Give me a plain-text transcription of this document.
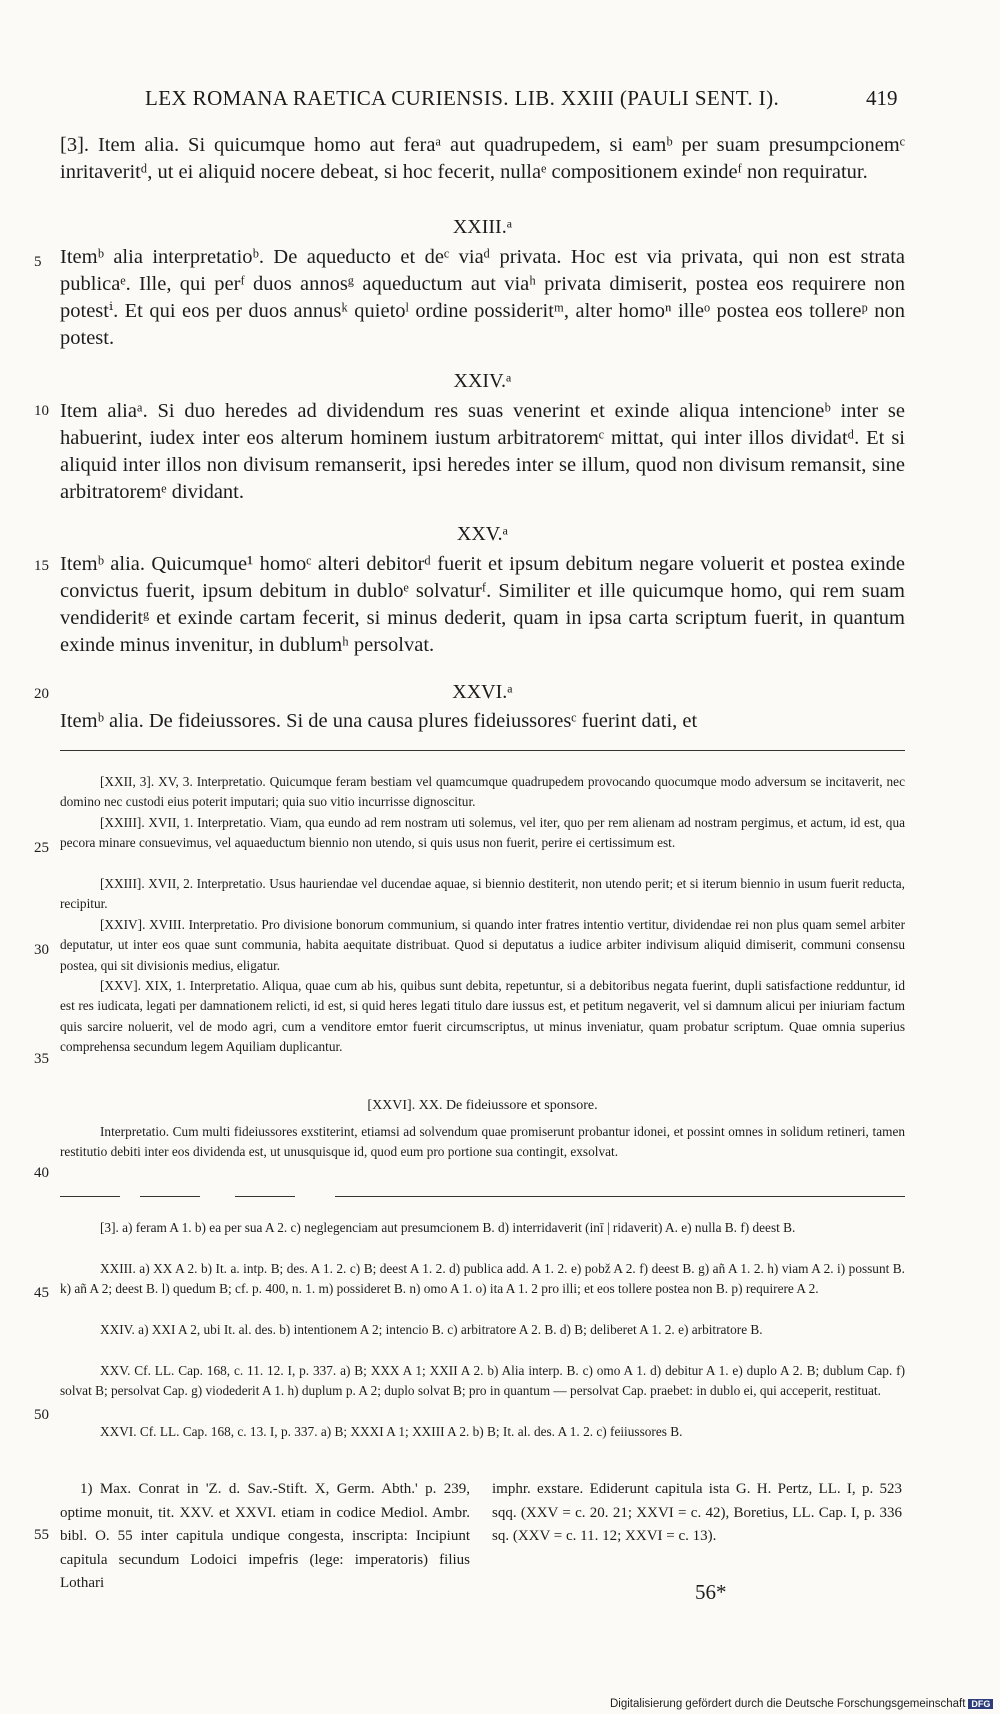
LEX ROMANA RAETICA CURIENSIS. LIB. XXIII (PAULI SENT. I).	419

[3]. Item alia. Si quicumque homo aut feraᵃ aut quadrupedem, si eamᵇ per suam presumpcionemᶜ inritaveritᵈ, ut ei aliquid nocere debeat, si hoc fecerit, nullaᵉ compositionem exindeᶠ non requiratur.

XXIII.ᵃ

Itemᵇ alia interpretatioᵇ. De aqueducto et deᶜ viaᵈ privata. Hoc est via privata, qui non est strata publicaᵉ. Ille, qui perᶠ duos annosᵍ aqueductum aut viaʰ privata dimiserit, postea eos requirere non potestⁱ. Et qui eos per duos annusᵏ quietoˡ ordine possideritᵐ, alter homoⁿ illeᵒ postea eos tollereᵖ non potest.

XXIV.ᵃ

Item aliaᵃ. Si duo heredes ad dividendum res suas venerint et exinde aliqua intencioneᵇ inter se habuerint, iudex inter eos alterum hominem iustum arbitratoremᶜ mittat, qui inter illos dividatᵈ. Et si aliquid inter illos non divisum remanserit, ipsi heredes inter se illum, quod non divisum remansit, sine arbitratoremᵉ dividant.

XXV.ᵃ

Itemᵇ alia. Quicumque¹ homoᶜ alteri debitorᵈ fuerit et ipsum debitum negare voluerit et postea exinde convictus fuerit, ipsum debitum in dubloᵉ solvaturᶠ. Similiter et ille quicumque homo, qui rem suam vendideritᵍ et exinde cartam fecerit, si minus dederit, quam in ipsa carta scriptum fuerit, in quantum exinde minus invenitur, in dublumʰ persolvat.

XXVI.ᵃ

Itemᵇ alia. De fideiussores. Si de una causa plures fideiussoresᶜ fuerint dati, et

5
10
15
20
25
30
35
40
45
50
55

[XXII, 3]. XV, 3. Interpretatio. Quicumque feram bestiam vel quamcumque quadrupedem provocando quocumque modo adversum se incitaverit, nec domino nec custodi eius poterit imputari; quia suo vitio incurrisse dignoscitur.

[XXIII]. XVII, 1. Interpretatio. Viam, qua eundo ad rem nostram uti solemus, vel iter, quo per rem alienam ad nostram pergimus, et actum, id est, qua pecora minare consuevimus, vel aquaeductum biennio non utendo, si quis usus non fuerit, perire ei certissimum est.

[XXIII]. XVII, 2. Interpretatio. Usus hauriendae vel ducendae aquae, si biennio destiterit, non utendo perit; et si iterum biennio in usum fuerit reducta, recipitur.

[XXIV]. XVIII. Interpretatio. Pro divisione bonorum communium, si quando inter fratres intentio vertitur, dividendae rei non plus quam semel arbiter deputatur, ut inter eos quae sunt communia, habita aequitate distribuat. Quod si deputatus a iudice arbiter indivisum aliquid dimiserit, communi consensu postea, qui sit divisionis medius, eligatur.

[XXV]. XIX, 1. Interpretatio. Aliqua, quae cum ab his, quibus sunt debita, repetuntur, si a debitoribus negata fuerint, dupli satisfactione redduntur, id est res iudicata, legati per damnationem relicti, id est, si quid heres legati titulo dare iussus est, et petitum negaverit, vel si damnum alicui per iniuriam factum quis sarcire noluerit, vel de modo agri, cum a venditore emtor fuerit circumscriptus, ut minus inveniatur, quam probatur scriptum. Quae omnia superius comprehensa secundum legem Aquiliam duplicantur.

[XXVI]. XX. De fideiussore et sponsore.

Interpretatio. Cum multi fideiussores exstiterint, etiamsi ad solvendum quae promiserunt probantur idonei, et possint omnes in solidum retineri, tamen restitutio debiti inter eos dividenda est, ut unusquisque id, quod eum pro portione sua contingit, exsolvat.

[3]. a) feram A 1. b) ea per sua A 2. c) neglegenciam aut presumcionem B. d) interridaverit (inī | ridaverit) A. e) nulla B. f) deest B.

XXIII. a) XX A 2. b) It. a. intp. B; des. A 1. 2. c) B; deest A 1. 2. d) publica add. A 1. 2. e) pobž A 2. f) deest B. g) añ A 1. 2. h) viam A 2. i) possunt B. k) añ A 2; deest B. l) quedum B; cf. p. 400, n. 1. m) possideret B. n) omo A 1. o) ita A 1. 2 pro illi; et eos tollere postea non B. p) requirere A 2.

XXIV. a) XXI A 2, ubi It. al. des. b) intentionem A 2; intencio B. c) arbitratore A 2. B. d) B; deliberet A 1. 2. e) arbitratore B.

XXV. Cf. LL. Cap. 168, c. 11. 12. I, p. 337. a) B; XXX A 1; XXII A 2. b) Alia interp. B. c) omo A 1. d) debitur A 1. e) duplo A 2. B; dublum Cap. f) solvat B; persolvat Cap. g) viodederit A 1. h) duplum p. A 2; duplo solvat B; pro in quantum — persolvat Cap. praebet: in dublo ei, qui acceperit, restituat.

XXVI. Cf. LL. Cap. 168, c. 13. I, p. 337. a) B; XXXI A 1; XXIII A 2. b) B; It. al. des. A 1. 2. c) feiiussores B.

1) Max. Conrat in 'Z. d. Sav.-Stift. X, Germ. Abth.' p. 239, optime monuit, tit. XXV. et XXVI. etiam in codice Mediol. Ambr. bibl. O. 55 inter capitula undique congesta, inscripta: Incipiunt capitula secundum Lodoici impefris (lege: imperatoris) filius Lothari

imphr. exstare. Ediderunt capitula ista G. H. Pertz, LL. I, p. 523 sqq. (XXV = c. 20. 21; XXVI = c. 42), Boretius, LL. Cap. I, p. 336 sq. (XXV = c. 11. 12; XXVI = c. 13).

56*
Digitalisierung gefördert durch die Deutsche Forschungsgemeinschaft DFG
